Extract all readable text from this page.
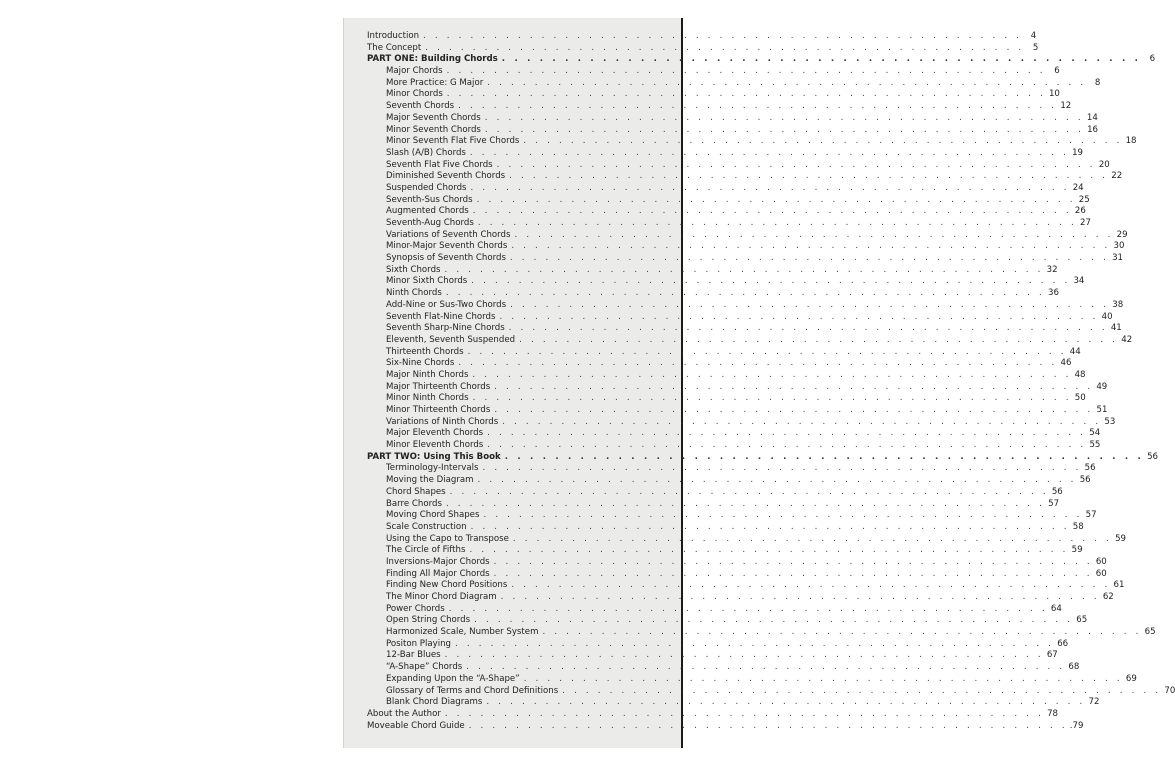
Introduction . . . . . . . . . . . . . . . . . . . . . . . . . . . . . . . . . . . . . . . . . . . . . . . . . . . 4
The Concept . . . . . . . . . . . . . . . . . . . . . . . . . . . . . . . . . . . . . . . . . . . . . . . . . . . 5
PART ONE: Building Chords . . . . . . . . . . . . . . . . . . . . . . . . . . . . . . . . . . . . . . . . . . . . . . . . . . . 6
Major Chords . . . . . . . . . . . . . . . . . . . . . . . . . . . . . . . . . . . . . . . . . . . . . . . . . . . 6
More Practice: G Major . . . . . . . . . . . . . . . . . . . . . . . . . . . . . . . . . . . . . . . . . . . . . . . . . . . 8
Minor Chords . . . . . . . . . . . . . . . . . . . . . . . . . . . . . . . . . . . . . . . . . . . . . . . . . . . 10
Seventh Chords . . . . . . . . . . . . . . . . . . . . . . . . . . . . . . . . . . . . . . . . . . . . . . . . . . . 12
Major Seventh Chords . . . . . . . . . . . . . . . . . . . . . . . . . . . . . . . . . . . . . . . . . . . . . . . . . . . 14
Minor Seventh Chords . . . . . . . . . . . . . . . . . . . . . . . . . . . . . . . . . . . . . . . . . . . . . . . . . . . 16
Minor Seventh Flat Five Chords . . . . . . . . . . . . . . . . . . . . . . . . . . . . . . . . . . . . . . . . . . . . . . . . . . . 18
Slash (A/B) Chords . . . . . . . . . . . . . . . . . . . . . . . . . . . . . . . . . . . . . . . . . . . . . . . . . . . 19
Seventh Flat Five Chords . . . . . . . . . . . . . . . . . . . . . . . . . . . . . . . . . . . . . . . . . . . . . . . . . . . 20
Diminished Seventh Chords . . . . . . . . . . . . . . . . . . . . . . . . . . . . . . . . . . . . . . . . . . . . . . . . . . . 22
Suspended Chords . . . . . . . . . . . . . . . . . . . . . . . . . . . . . . . . . . . . . . . . . . . . . . . . . . . 24
Seventh-Sus Chords . . . . . . . . . . . . . . . . . . . . . . . . . . . . . . . . . . . . . . . . . . . . . . . . . . . 25
Augmented Chords . . . . . . . . . . . . . . . . . . . . . . . . . . . . . . . . . . . . . . . . . . . . . . . . . . . 26
Seventh-Aug Chords . . . . . . . . . . . . . . . . . . . . . . . . . . . . . . . . . . . . . . . . . . . . . . . . . . . 27
Variations of Seventh Chords . . . . . . . . . . . . . . . . . . . . . . . . . . . . . . . . . . . . . . . . . . . . . . . . . . . 29
Minor-Major Seventh Chords . . . . . . . . . . . . . . . . . . . . . . . . . . . . . . . . . . . . . . . . . . . . . . . . . . . 30
Synopsis of Seventh Chords . . . . . . . . . . . . . . . . . . . . . . . . . . . . . . . . . . . . . . . . . . . . . . . . . . . 31
Sixth Chords . . . . . . . . . . . . . . . . . . . . . . . . . . . . . . . . . . . . . . . . . . . . . . . . . . . 32
Minor Sixth Chords . . . . . . . . . . . . . . . . . . . . . . . . . . . . . . . . . . . . . . . . . . . . . . . . . . . 34
Ninth Chords . . . . . . . . . . . . . . . . . . . . . . . . . . . . . . . . . . . . . . . . . . . . . . . . . . . 36
Add-Nine or Sus-Two Chords . . . . . . . . . . . . . . . . . . . . . . . . . . . . . . . . . . . . . . . . . . . . . . . . . . . 38
Seventh Flat-Nine Chords . . . . . . . . . . . . . . . . . . . . . . . . . . . . . . . . . . . . . . . . . . . . . . . . . . . 40
Seventh Sharp-Nine Chords . . . . . . . . . . . . . . . . . . . . . . . . . . . . . . . . . . . . . . . . . . . . . . . . . . . 41
Eleventh, Seventh Suspended . . . . . . . . . . . . . . . . . . . . . . . . . . . . . . . . . . . . . . . . . . . . . . . . . . . 42
Thirteenth Chords . . . . . . . . . . . . . . . . . . . . . . . . . . . . . . . . . . . . . . . . . . . . . . . . . . . 44
Six-Nine Chords . . . . . . . . . . . . . . . . . . . . . . . . . . . . . . . . . . . . . . . . . . . . . . . . . . . 46
Major Ninth Chords . . . . . . . . . . . . . . . . . . . . . . . . . . . . . . . . . . . . . . . . . . . . . . . . . . . 48
Major Thirteenth Chords . . . . . . . . . . . . . . . . . . . . . . . . . . . . . . . . . . . . . . . . . . . . . . . . . . . 49
Minor Ninth Chords . . . . . . . . . . . . . . . . . . . . . . . . . . . . . . . . . . . . . . . . . . . . . . . . . . . 50
Minor Thirteenth Chords . . . . . . . . . . . . . . . . . . . . . . . . . . . . . . . . . . . . . . . . . . . . . . . . . . . 51
Variations of Ninth Chords . . . . . . . . . . . . . . . . . . . . . . . . . . . . . . . . . . . . . . . . . . . . . . . . . . . 53
Major Eleventh Chords . . . . . . . . . . . . . . . . . . . . . . . . . . . . . . . . . . . . . . . . . . . . . . . . . . . 54
Minor Eleventh Chords . . . . . . . . . . . . . . . . . . . . . . . . . . . . . . . . . . . . . . . . . . . . . . . . . . . 55
PART TWO: Using This Book . . . . . . . . . . . . . . . . . . . . . . . . . . . . . . . . . . . . . . . . . . . . . . . . . . . 56
Terminology-Intervals . . . . . . . . . . . . . . . . . . . . . . . . . . . . . . . . . . . . . . . . . . . . . . . . . . . 56
Moving the Diagram . . . . . . . . . . . . . . . . . . . . . . . . . . . . . . . . . . . . . . . . . . . . . . . . . . . 56
Chord Shapes . . . . . . . . . . . . . . . . . . . . . . . . . . . . . . . . . . . . . . . . . . . . . . . . . . . 56
Barre Chords . . . . . . . . . . . . . . . . . . . . . . . . . . . . . . . . . . . . . . . . . . . . . . . . . . . 57
Moving Chord Shapes . . . . . . . . . . . . . . . . . . . . . . . . . . . . . . . . . . . . . . . . . . . . . . . . . . . 57
Scale Construction . . . . . . . . . . . . . . . . . . . . . . . . . . . . . . . . . . . . . . . . . . . . . . . . . . . 58
Using the Capo to Transpose . . . . . . . . . . . . . . . . . . . . . . . . . . . . . . . . . . . . . . . . . . . . . . . . . . . 59
The Circle of Fifths . . . . . . . . . . . . . . . . . . . . . . . . . . . . . . . . . . . . . . . . . . . . . . . . . . . 59
Inversions-Major Chords . . . . . . . . . . . . . . . . . . . . . . . . . . . . . . . . . . . . . . . . . . . . . . . . . . . 60
Finding All Major Chords . . . . . . . . . . . . . . . . . . . . . . . . . . . . . . . . . . . . . . . . . . . . . . . . . . . 60
Finding New Chord Positions . . . . . . . . . . . . . . . . . . . . . . . . . . . . . . . . . . . . . . . . . . . . . . . . . . . 61
The Minor Chord Diagram . . . . . . . . . . . . . . . . . . . . . . . . . . . . . . . . . . . . . . . . . . . . . . . . . . . 62
Power Chords . . . . . . . . . . . . . . . . . . . . . . . . . . . . . . . . . . . . . . . . . . . . . . . . . . . 64
Open String Chords . . . . . . . . . . . . . . . . . . . . . . . . . . . . . . . . . . . . . . . . . . . . . . . . . . . 65
Harmonized Scale, Number System . . . . . . . . . . . . . . . . . . . . . . . . . . . . . . . . . . . . . . . . . . . . . . . . . . . 65
Positon Playing . . . . . . . . . . . . . . . . . . . . . . . . . . . . . . . . . . . . . . . . . . . . . . . . . . . 66
12-Bar Blues . . . . . . . . . . . . . . . . . . . . . . . . . . . . . . . . . . . . . . . . . . . . . . . . . . . 67
“A-Shape” Chords . . . . . . . . . . . . . . . . . . . . . . . . . . . . . . . . . . . . . . . . . . . . . . . . . . . 68
Expanding Upon the “A-Shape” . . . . . . . . . . . . . . . . . . . . . . . . . . . . . . . . . . . . . . . . . . . . . . . . . . . 69
Glossary of Terms and Chord Definitions . . . . . . . . . . . . . . . . . . . . . . . . . . . . . . . . . . . . . . . . . . . . . . . . . . . 70
Blank Chord Diagrams . . . . . . . . . . . . . . . . . . . . . . . . . . . . . . . . . . . . . . . . . . . . . . . . . . . 72
About the Author . . . . . . . . . . . . . . . . . . . . . . . . . . . . . . . . . . . . . . . . . . . . . . . . . . . 78
Moveable Chord Guide . . . . . . . . . . . . . . . . . . . . . . . . . . . . . . . . . . . . . . . . . . . . . . . . . . . .79
